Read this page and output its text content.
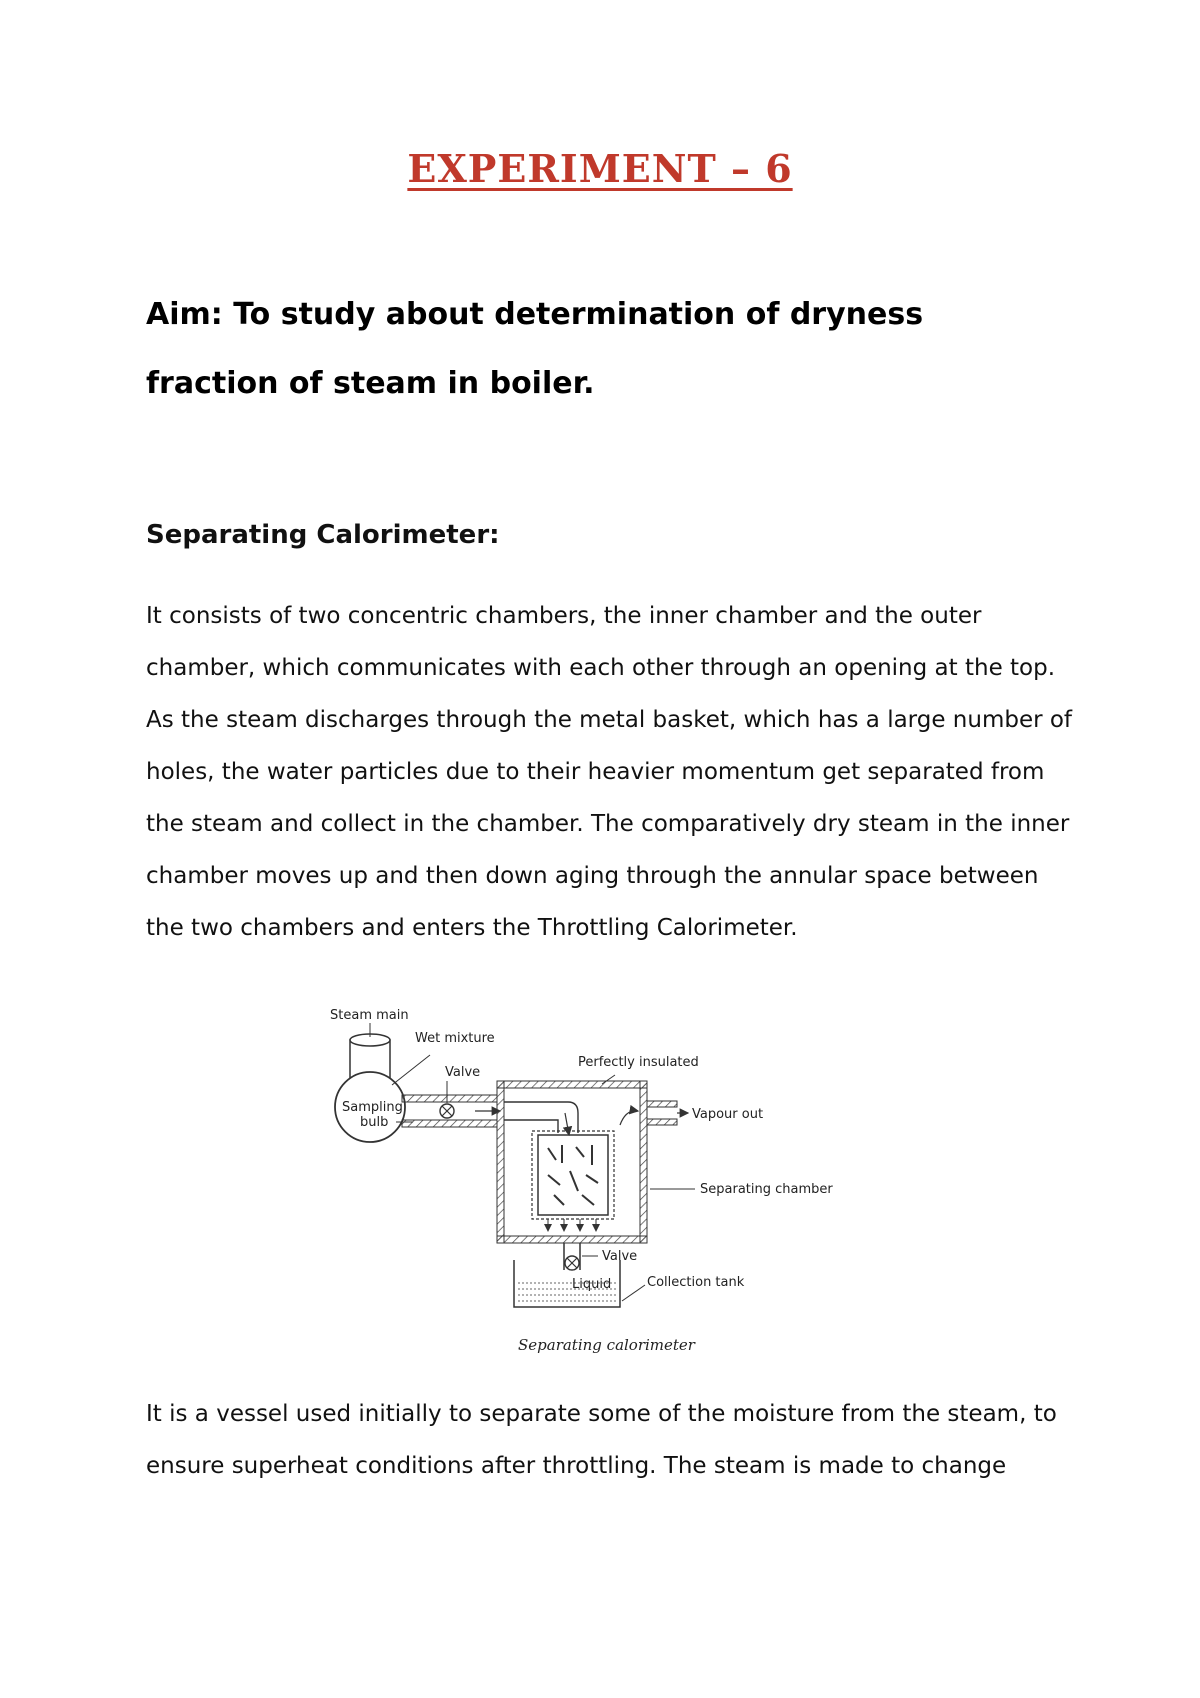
EXPERIMENT – 6
Aim: To study about determination of dryness
fraction of steam in boiler.
Separating Calorimeter:

It consists of two concentric chambers, the inner chamber and the outer
chamber, which communicates with each other through an opening at the top.
As the steam discharges through the metal basket, which has a large number of
holes, the water particles due to their heavier momentum get separated from
the steam and collect in the chamber. The comparatively dry steam in the inner
chamber moves up and then down aging through the annular space between
the two chambers and enters the Throttling Calorimeter.

Steam main
Wet mixture
Valve
Perfectly insulated
Sampling
bulb
Vapour out
Separating chamber
Valve
Liquid	Collection tank
Separating calorimeter

It is a vessel used initially to separate some of the moisture from the steam, to
ensure superheat conditions after throttling. The steam is made to change
